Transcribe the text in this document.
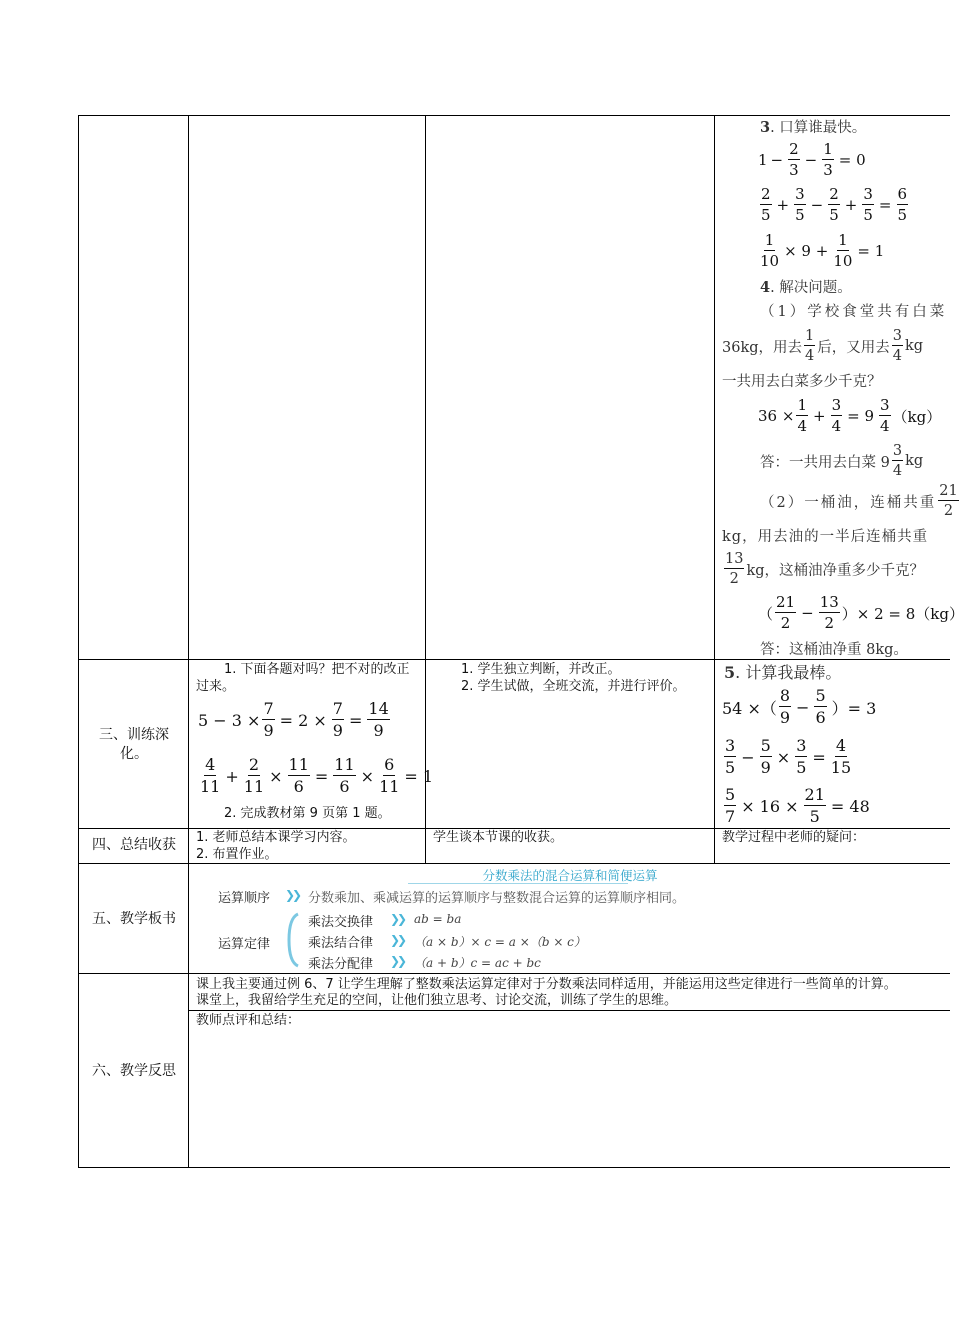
3. 口算谁最快。
$1 - \frac{2}{3} - \frac{1}{3} = 0$
$\frac{2}{5} + \frac{3}{5} - \frac{2}{5} + \frac{3}{5} = \frac{6}{5}$
$\frac{1}{10} \times 9 + \frac{1}{10} = 1$
4. 解决问题。
（1）学校食堂共有白菜
36kg，用去 $\frac{1}{4}$ 后，又用去 $\frac{3}{4}$ kg
一共用去白菜多少千克？
$36 \times \frac{1}{4} + \frac{3}{4} = 9 \frac{3}{4} (kg)$
答：一共用去白菜 $9 \frac{3}{4}$ kg
（2）一桶油，连桶共重 $\frac{21}{2}$
kg，用去油的一半后连桶共重
$\frac{13}{2}$ kg，这桶油净重多少千克？
（ $\frac{21}{2} - \frac{13}{2}$ ）× 2 = 8（kg）
答：这桶油净重 8kg。
三、训练深化。
1. 下面各题对吗？把不对的改正过来。
$5 - 3 \times \frac{7}{9} = 2 \times \frac{7}{9} = \frac{14}{9}$
$\frac{4}{11} + \frac{2}{11} \times \frac{11}{6} = \frac{11}{6} \times \frac{6}{11} = 1$
2. 完成教材第 9 页第 1 题。
1. 学生独立判断，并改正。
2. 学生试做，全班交流，并进行评价。
5. 计算我最棒。
54 ×（ $\frac{8}{9} - \frac{5}{6}$ ）= 3
$\frac{3}{5} - \frac{5}{9} \times \frac{3}{5} = \frac{4}{15}$
$\frac{5}{7} \times 16 \times \frac{21}{5} = 48$
四、总结收获	1. 老师总结本课学习内容。
2. 布置作业。
学生谈本节课的收获。	教学过程中老师的疑问：
五、教学板书
分数乘法的混合运算和简便运算
运算顺序 ❯❯ 分数乘加、乘减运算的运算顺序与整数混合运算的运算顺序相同。
运算定律
乘法交换律 ❯❯ ab = ba
乘法结合律 ❯❯ （a × b）× c = a ×（b × c）
乘法分配律 ❯❯ （a + b）c = ac + bc
六、教学反思
课上我主要通过例 6、7 让学生理解了整数乘法运算定律对于分数乘法同样适用，并能运用这些定律进行一些简单的计算。
课堂上，我留给学生充足的空间，让他们独立思考、讨论交流，训练了学生的思维。
教师点评和总结：
